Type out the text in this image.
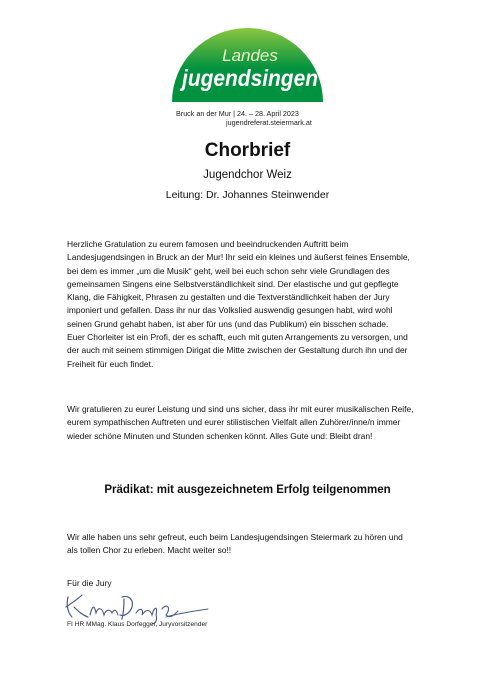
Landes
jugendsingen
Bruck an der Mur | 24. – 28. April 2023
jugendreferat.steiermark.at
Chorbrief
Jugendchor Weiz
Leitung: Dr. Johannes Steinwender

Herzliche Gratulation zu eurem famosen und beeindruckenden Auftritt beim
Landesjugendsingen in Bruck an der Mur! Ihr seid ein kleines und äußerst feines Ensemble,
bei dem es immer „um die Musik“ geht, weil bei euch schon sehr viele Grundlagen des
gemeinsamen Singens eine Selbstverständlichkeit sind. Der elastische und gut gepflegte
Klang, die Fähigkeit, Phrasen zu gestalten und die Textverständlichkeit haben der Jury
imponiert und gefallen. Dass ihr nur das Volkslied auswendig gesungen habt, wird wohl
seinen Grund gehabt haben, ist aber für uns (und das Publikum) ein bisschen schade.
Euer Chorleiter ist ein Profi, der es schafft, euch mit guten Arrangements zu versorgen, und
der auch mit seinem stimmigen Dirigat die Mitte zwischen der Gestaltung durch ihn und der
Freiheit für euch findet.

Wir gratulieren zu eurer Leistung und sind uns sicher, dass ihr mit eurer musikalischen Reife,
eurem sympathischen Auftreten und eurer stilistischen Vielfalt allen Zuhörer/inne/n immer
wieder schöne Minuten und Stunden schenken könnt. Alles Gute und: Bleibt dran!

Prädikat: mit ausgezeichnetem Erfolg teilgenommen

Wir alle haben uns sehr gefreut, euch beim Landesjugendsingen Steiermark zu hören und
als tollen Chor zu erleben. Macht weiter so!!

Für die Jury
FI HR MMag. Klaus Dorfegger, Juryvorsitzender
